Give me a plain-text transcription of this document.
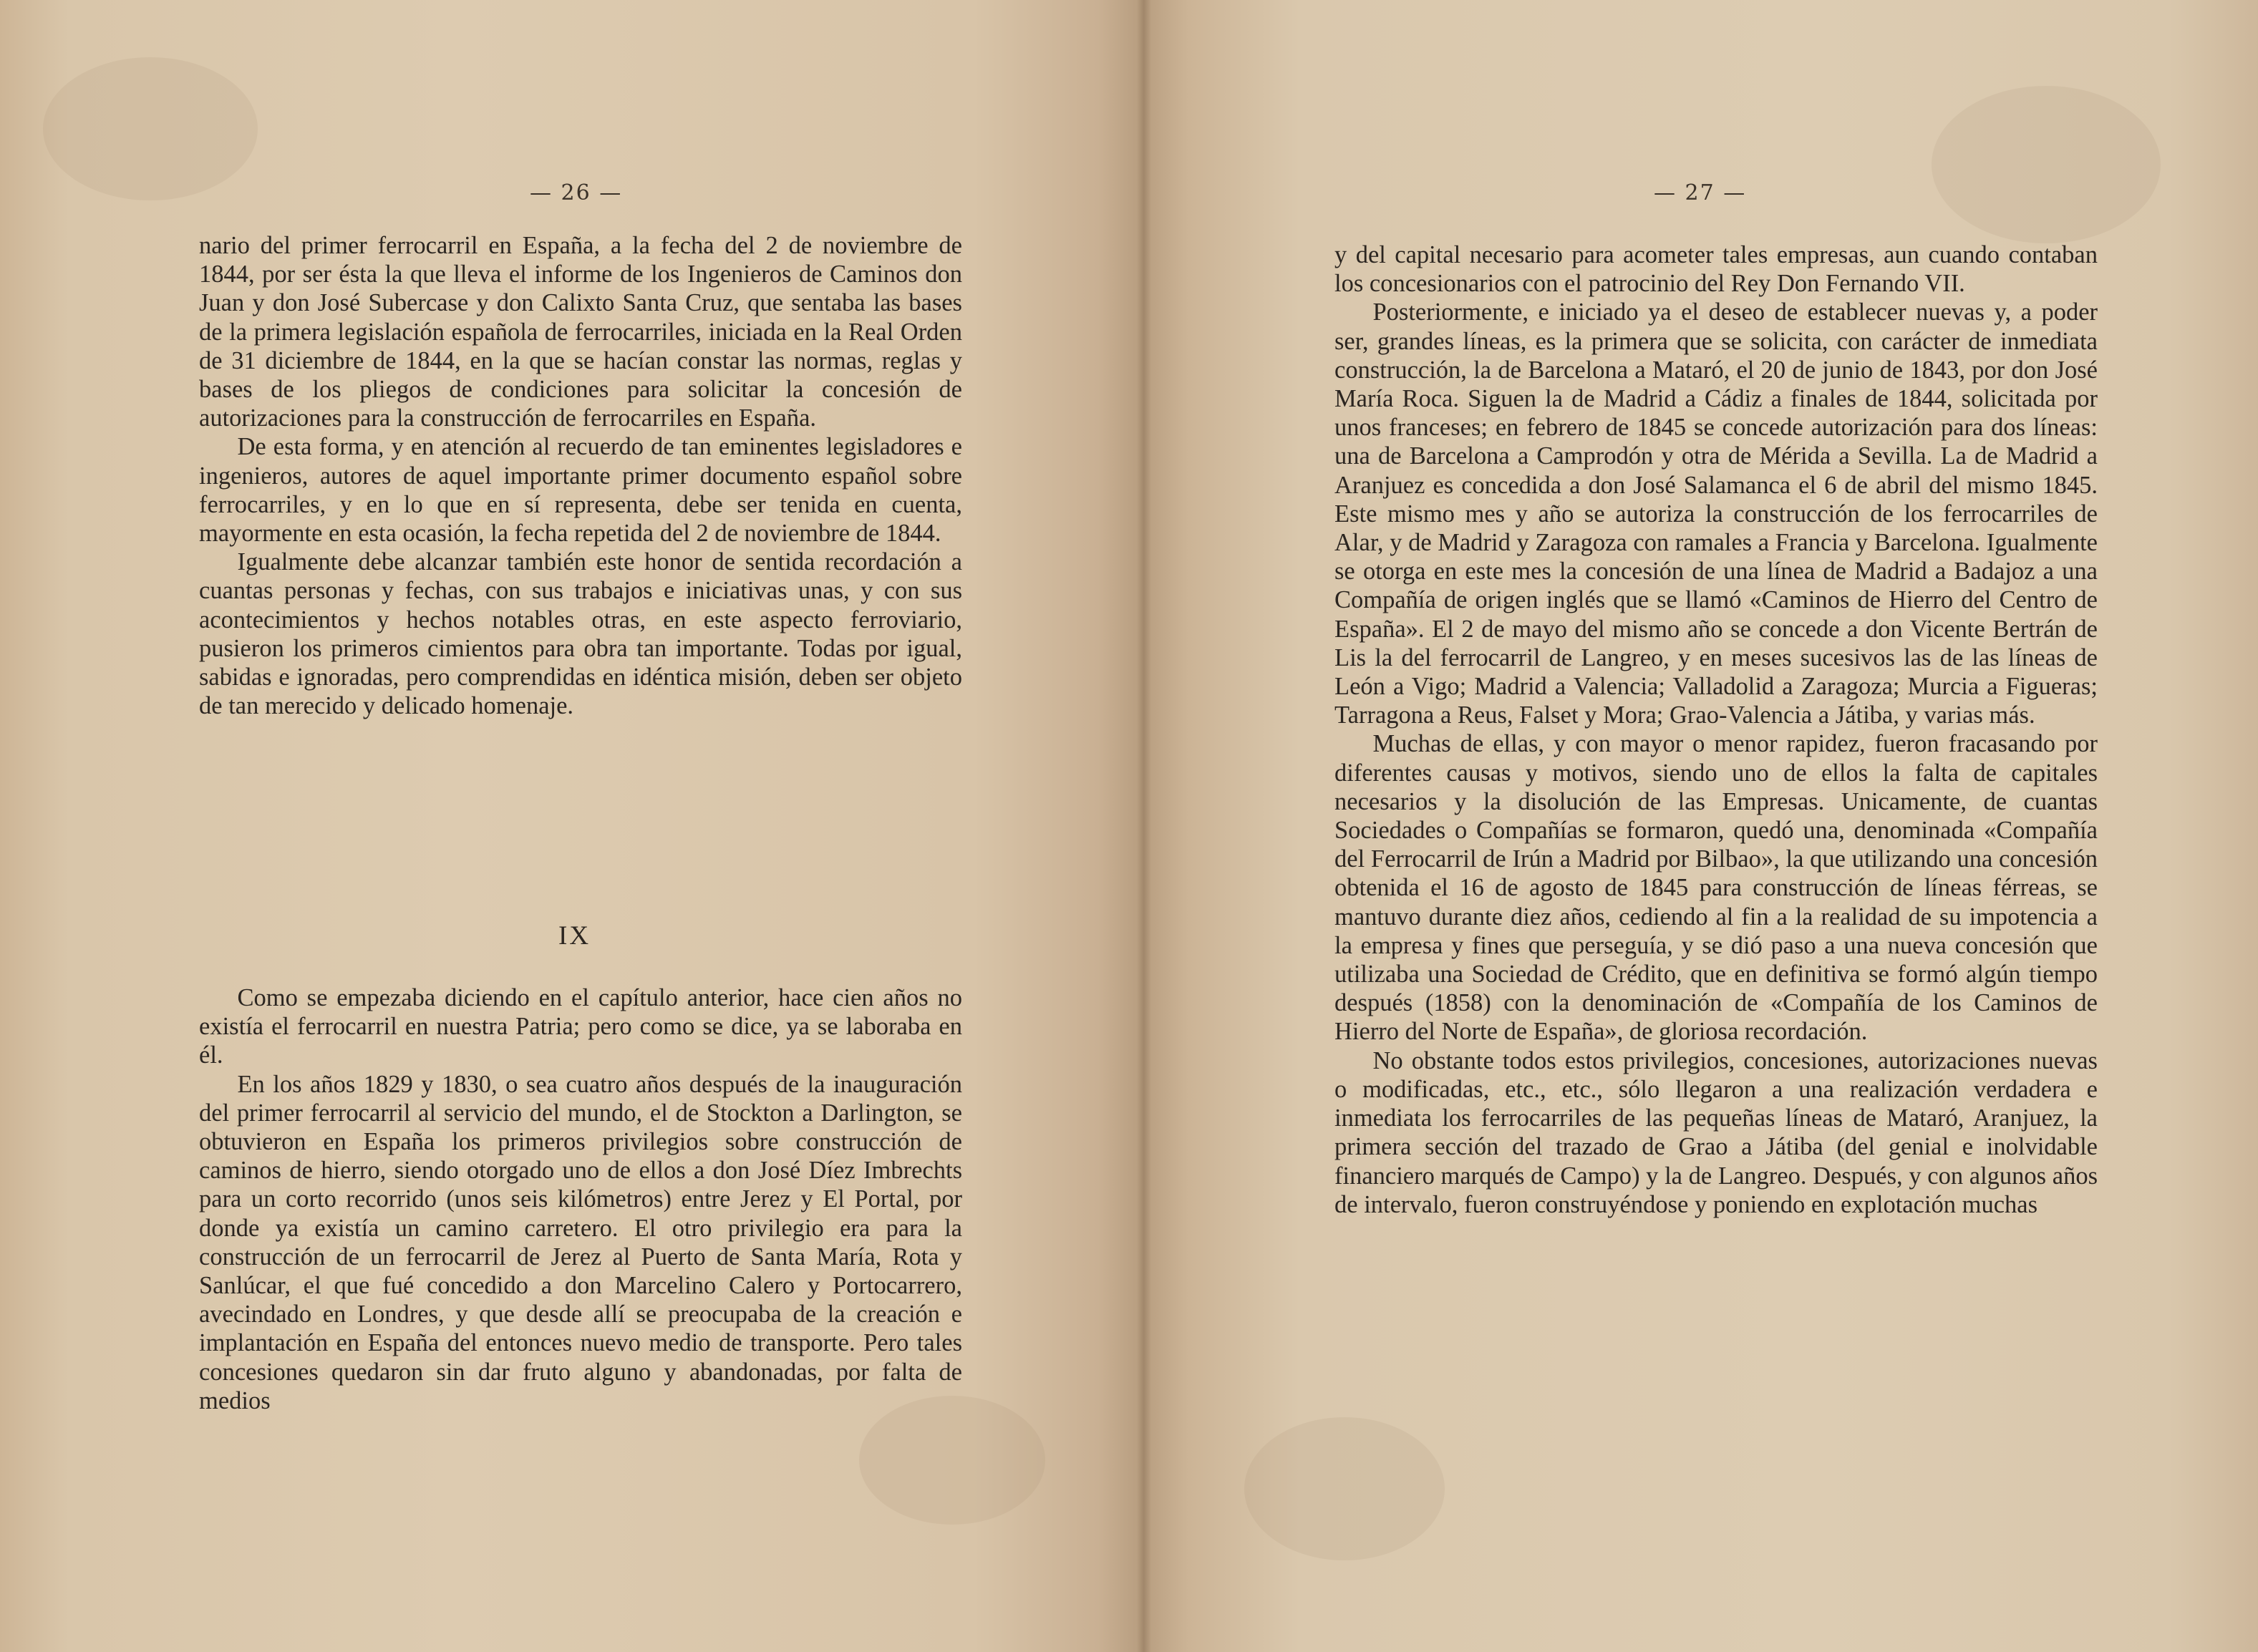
— 26 —

nario del primer ferrocarril en España, a la fecha del 2 de noviembre de 1844, por ser ésta la que lleva el informe de los Ingenieros de Caminos don Juan y don José Subercase y don Calixto Santa Cruz, que sentaba las bases de la primera legislación española de ferrocarriles, iniciada en la Real Orden de 31 diciembre de 1844, en la que se hacían constar las normas, reglas y bases de los pliegos de condiciones para solicitar la concesión de autorizaciones para la construcción de ferrocarriles en España.

De esta forma, y en atención al recuerdo de tan eminentes legisladores e ingenieros, autores de aquel importante primer documento español sobre ferrocarriles, y en lo que en sí representa, debe ser tenida en cuenta, mayormente en esta ocasión, la fecha repetida del 2 de noviembre de 1844.

Igualmente debe alcanzar también este honor de sentida recordación a cuantas personas y fechas, con sus trabajos e iniciativas unas, y con sus acontecimientos y hechos notables otras, en este aspecto ferroviario, pusieron los primeros cimientos para obra tan importante. Todas por igual, sabidas e ignoradas, pero comprendidas en idéntica misión, deben ser objeto de tan merecido y delicado homenaje.

IX

Como se empezaba diciendo en el capítulo anterior, hace cien años no existía el ferrocarril en nuestra Patria; pero como se dice, ya se laboraba en él.

En los años 1829 y 1830, o sea cuatro años después de la inauguración del primer ferrocarril al servicio del mundo, el de Stockton a Darlington, se obtuvieron en España los primeros privilegios sobre construcción de caminos de hierro, siendo otorgado uno de ellos a don José Díez Imbrechts para un corto recorrido (unos seis kilómetros) entre Jerez y El Portal, por donde ya existía un camino carretero. El otro privilegio era para la construcción de un ferrocarril de Jerez al Puerto de Santa María, Rota y Sanlúcar, el que fué concedido a don Marcelino Calero y Portocarrero, avecindado en Londres, y que desde allí se preocupaba de la creación e implantación en España del entonces nuevo medio de transporte. Pero tales concesiones quedaron sin dar fruto alguno y abandonadas, por falta de medios

— 27 —

y del capital necesario para acometer tales empresas, aun cuando contaban los concesionarios con el patrocinio del Rey Don Fernando VII.

Posteriormente, e iniciado ya el deseo de establecer nuevas y, a poder ser, grandes líneas, es la primera que se solicita, con carácter de inmediata construcción, la de Barcelona a Mataró, el 20 de junio de 1843, por don José María Roca. Siguen la de Madrid a Cádiz a finales de 1844, solicitada por unos franceses; en febrero de 1845 se concede autorización para dos líneas: una de Barcelona a Camprodón y otra de Mérida a Sevilla. La de Madrid a Aranjuez es concedida a don José Salamanca el 6 de abril del mismo 1845. Este mismo mes y año se autoriza la construcción de los ferrocarriles de Alar, y de Madrid y Zaragoza con ramales a Francia y Barcelona. Igualmente se otorga en este mes la concesión de una línea de Madrid a Badajoz a una Compañía de origen inglés que se llamó «Caminos de Hierro del Centro de España». El 2 de mayo del mismo año se concede a don Vicente Bertrán de Lis la del ferrocarril de Langreo, y en meses sucesivos las de las líneas de León a Vigo; Madrid a Valencia; Valladolid a Zaragoza; Murcia a Figueras; Tarragona a Reus, Falset y Mora; Grao-Valencia a Játiba, y varias más.

Muchas de ellas, y con mayor o menor rapidez, fueron fracasando por diferentes causas y motivos, siendo uno de ellos la falta de capitales necesarios y la disolución de las Empresas. Unicamente, de cuantas Sociedades o Compañías se formaron, quedó una, denominada «Compañía del Ferrocarril de Irún a Madrid por Bilbao», la que utilizando una concesión obtenida el 16 de agosto de 1845 para construcción de líneas férreas, se mantuvo durante diez años, cediendo al fin a la realidad de su impotencia a la empresa y fines que perseguía, y se dió paso a una nueva concesión que utilizaba una Sociedad de Crédito, que en definitiva se formó algún tiempo después (1858) con la denominación de «Compañía de los Caminos de Hierro del Norte de España», de gloriosa recordación.

No obstante todos estos privilegios, concesiones, autorizaciones nuevas o modificadas, etc., etc., sólo llegaron a una realización verdadera e inmediata los ferrocarriles de las pequeñas líneas de Mataró, Aranjuez, la primera sección del trazado de Grao a Játiba (del genial e inolvidable financiero marqués de Campo) y la de Langreo. Después, y con algunos años de intervalo, fueron construyéndose y poniendo en explotación muchas
